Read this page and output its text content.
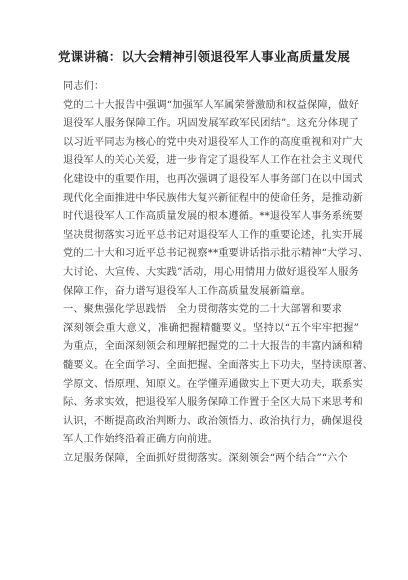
党课讲稿：以大会精神引领退役军人事业高质量发展
同志们：
党的二十大报告中强调“加强军人军属荣誉激励和权益保障，做好
退役军人服务保障工作。巩固发展军政军民团结”。这充分体现了
以习近平同志为核心的党中央对退役军人工作的高度重视和对广大
退役军人的关心关爱，进一步肯定了退役军人工作在社会主义现代
化建设中的重要作用，也再次强调了退役军人事务部门在以中国式
现代化全面推进中华民族伟大复兴新征程中的使命任务，是推动新
时代退役军人工作高质量发展的根本遵循。**退役军人事务系统要
坚决贯彻落实习近平总书记对退役军人工作的重要论述，扎实开展
党的二十大和习近平总书记视察**重要讲话指示批示精神“大学习、
大讨论、大宣传、大实践”活动，用心用情用力做好退役军人服务
保障工作，奋力谱写退役军人工作高质量发展新篇章。
一、聚焦强化学思践悟　全力贯彻落实党的二十大部署和要求
深刻领会重大意义，准确把握精髓要义。坚持以“五个牢牢把握”
为重点，全面深刻领会和理解把握党的二十大报告的丰富内涵和精
髓要义。在全面学习、全面把握、全面落实上下功夫，坚持读原著、
学原文、悟原理、知原义。在学懂弄通做实上下更大功夫，联系实
际、务求实效，把退役军人服务保障工作置于全区大局下来思考和
认识，不断提高政治判断力、政治领悟力、政治执行力，确保退役
军人工作始终沿着正确方向前进。
立足服务保障，全面抓好贯彻落实。深刻领会“两个结合”“六个
